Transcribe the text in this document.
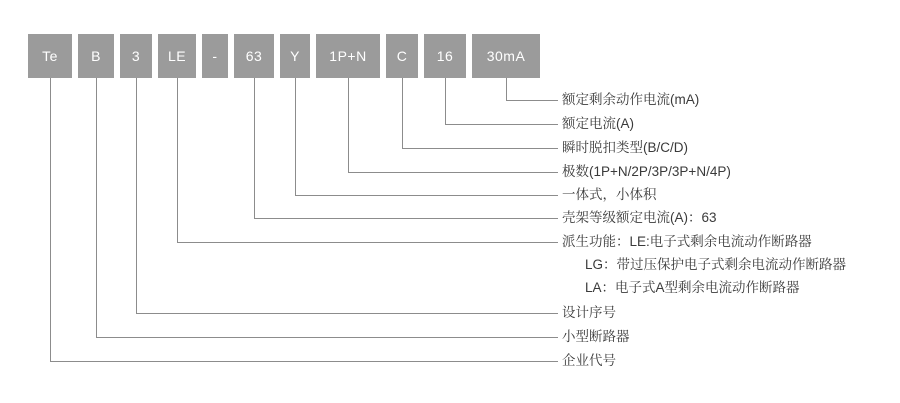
Te B 3 LE - 63 Y 1P+N C 16 30mA
额定剩余动作电流(mA)
额定电流(A)
瞬时脱扣类型(B/C/D)
极数(1P+N/2P/3P/3P+N/4P)
一体式，小体积
壳架等级额定电流(A)：63
派生功能：LE:电子式剩余电流动作断路器
LG：带过压保护电子式剩余电流动作断路器
LA：电子式A型剩余电流动作断路器
设计序号
小型断路器
企业代号
